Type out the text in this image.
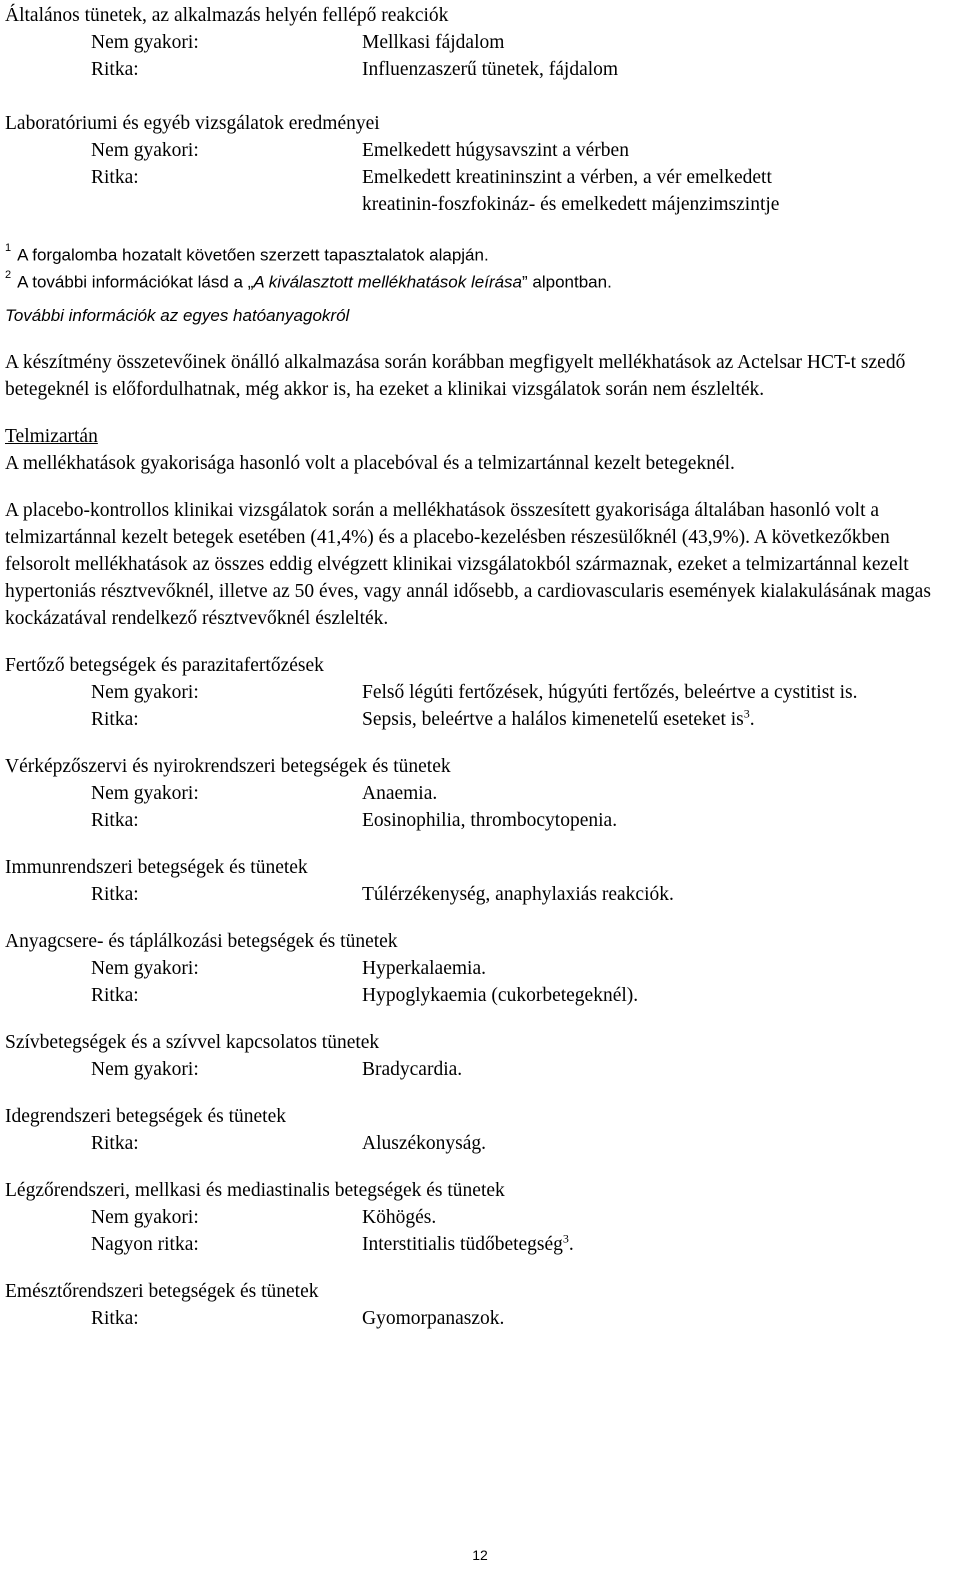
Általános tünetek, az alkalmazás helyén fellépő reakciók
Nem gyakori:	Mellkasi fájdalom
Ritka:	Influenzaszerű tünetek, fájdalom
Laboratóriumi és egyéb vizsgálatok eredményei
Nem gyakori:	Emelkedett húgysavszint a vérben
Ritka:	Emelkedett kreatininszint a vérben, a vér emelkedett
kreatinin-foszfokináz- és emelkedett májenzimszintje
$^1$ A forgalomba hozatalt követően szerzett tapasztalatok alapján.
$^2$ A további információkat lásd a „A kiválasztott mellékhatások leírása” alpontban.
További információk az egyes hatóanyagokról

A készítmény összetevőinek önálló alkalmazása során korábban megfigyelt mellékhatások az Actelsar HCT-t szedő betegeknél is előfordulhatnak, még akkor is, ha ezeket a klinikai vizsgálatok során nem észlelték.

Telmizartán

A mellékhatások gyakorisága hasonló volt a placebóval és a telmizartánnal kezelt betegeknél.

A placebo-kontrollos klinikai vizsgálatok során a mellékhatások összesített gyakorisága általában hasonló volt a telmizartánnal kezelt betegek esetében (41,4%) és a placebo-kezelésben részesülőknél (43,9%). A következőkben felsorolt mellékhatások az összes eddig elvégzett klinikai vizsgálatokból származnak, ezeket a telmizartánnal kezelt hypertoniás résztvevőknél, illetve az 50 éves, vagy annál idősebb, a cardiovascularis események kialakulásának magas kockázatával rendelkező résztvevőknél észlelték.

Fertőző betegségek és parazitafertőzések
Nem gyakori:	Felső légúti fertőzések, húgyúti fertőzés, beleértve a cystitist is.
Ritka:	Sepsis, beleértve a halálos kimenetelű eseteket is$^3$.
Vérképzőszervi és nyirokrendszeri betegségek és tünetek
Nem gyakori:	Anaemia.
Ritka:	Eosinophilia, thrombocytopenia.
Immunrendszeri betegségek és tünetek
Ritka:	Túlérzékenység, anaphylaxiás reakciók.
Anyagcsere- és táplálkozási betegségek és tünetek
Nem gyakori:	Hyperkalaemia.
Ritka:	Hypoglykaemia (cukorbetegeknél).
Szívbetegségek és a szívvel kapcsolatos tünetek
Nem gyakori:	Bradycardia.
Idegrendszeri betegségek és tünetek
Ritka:	Aluszékonyság.
Légzőrendszeri, mellkasi és mediastinalis betegségek és tünetek
Nem gyakori:	Köhögés.
Nagyon ritka:	Interstitialis tüdőbetegség$^3$.
Emésztőrendszeri betegségek és tünetek
Ritka:	Gyomorpanaszok.
12
